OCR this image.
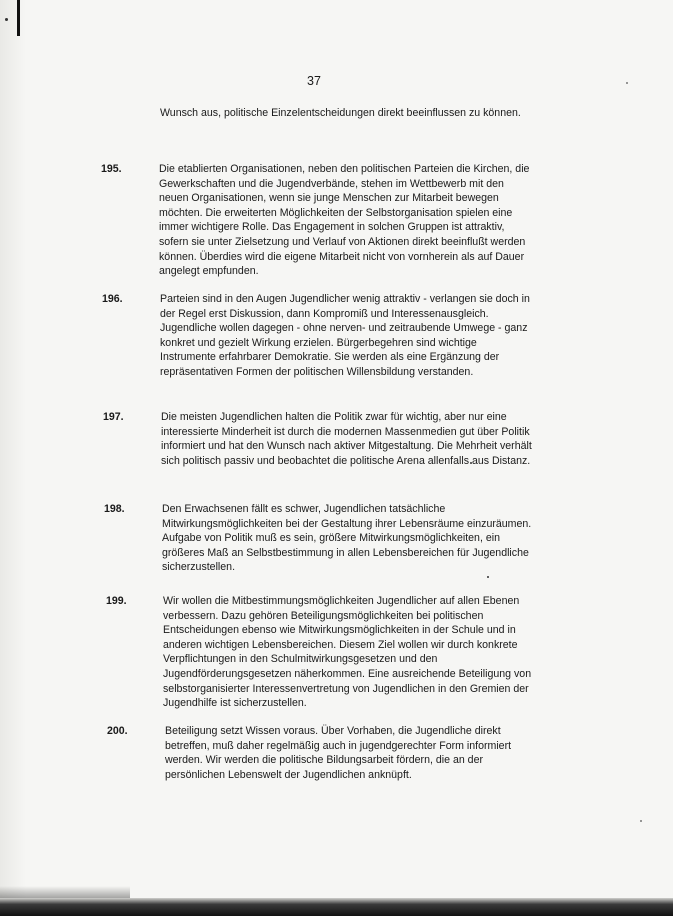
37

Wunsch aus, politische Einzelentscheidungen direkt beeinflussen zu können.

195.	Die etablierten Organisationen, neben den politischen Parteien die Kirchen, die Gewerkschaften und die Jugendverbände, stehen im Wettbewerb mit den neuen Organisationen, wenn sie junge Menschen zur Mitarbeit bewegen möchten. Die erweiterten Möglichkeiten der Selbstorganisation spielen eine immer wichtigere Rolle. Das Engagement in solchen Gruppen ist attraktiv, sofern sie unter Zielsetzung und Verlauf von Aktionen direkt beeinflußt werden können. Überdies wird die eigene Mitarbeit nicht von vornherein als auf Dauer angelegt empfunden.

196.	Parteien sind in den Augen Jugendlicher wenig attraktiv - verlangen sie doch in der Regel erst Diskussion, dann Kompromiß und Interessenausgleich. Jugendliche wollen dagegen - ohne nerven- und zeitraubende Umwege - ganz konkret und gezielt Wirkung erzielen. Bürgerbegehren sind wichtige Instrumente erfahrbarer Demokratie. Sie werden als eine Ergänzung der repräsentativen Formen der politischen Willensbildung verstanden.

197.	Die meisten Jugendlichen halten die Politik zwar für wichtig, aber nur eine interessierte Minderheit ist durch die modernen Massenmedien gut über Politik informiert und hat den Wunsch nach aktiver Mitgestaltung. Die Mehrheit verhält sich politisch passiv und beobachtet die politische Arena allenfalls aus Distanz.

198.	Den Erwachsenen fällt es schwer, Jugendlichen tatsächliche Mitwirkungsmöglichkeiten bei der Gestaltung ihrer Lebensräume einzuräumen. Aufgabe von Politik muß es sein, größere Mitwirkungsmöglichkeiten, ein größeres Maß an Selbstbestimmung in allen Lebensbereichen für Jugendliche sicherzustellen.

199.	Wir wollen die Mitbestimmungsmöglichkeiten Jugendlicher auf allen Ebenen verbessern. Dazu gehören Beteiligungsmöglichkeiten bei politischen Entscheidungen ebenso wie Mitwirkungsmöglichkeiten in der Schule und in anderen wichtigen Lebensbereichen. Diesem Ziel wollen wir durch konkrete Verpflichtungen in den Schulmitwirkungsgesetzen und den Jugendförderungsgesetzen näherkommen. Eine ausreichende Beteiligung von selbstorganisierter Interessenvertretung von Jugendlichen in den Gremien der Jugendhilfe ist sicherzustellen.

200.	Beteiligung setzt Wissen voraus. Über Vorhaben, die Jugendliche direkt betreffen, muß daher regelmäßig auch in jugendgerechter Form informiert werden. Wir werden die politische Bildungsarbeit fördern, die an der persönlichen Lebenswelt der Jugendlichen anknüpft.
